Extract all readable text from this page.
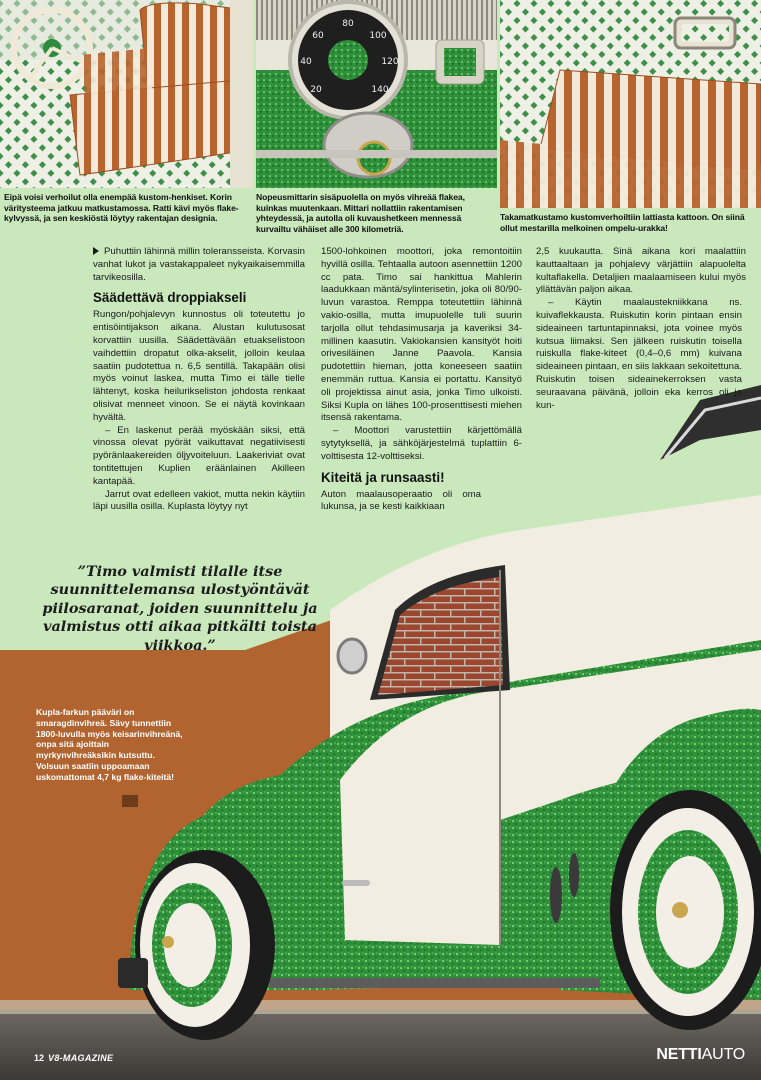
20
40
60
80
100
120
140
Eipä voisi verhoilut olla enempää kustom-henkiset. Korin väritysteema jatkuu matkustamossa. Ratti kävi myös flake-kylvyssä, ja sen keskiöstä löytyy rakentajan designia.
Nopeusmittarin sisäpuolella on myös vihreää flakea, kuinkas muutenkaan. Mittari nollattiin rakentamisen yhteydessä, ja autolla oli kuvaushetkeen mennessä kurvailtu vähäiset alle 300 kilometriä.
Takamatkustamo kustomverhoiltiin lattiasta kattoon. On siinä ollut mestarilla melkoinen ompelu-urakka!
”Timo valmisti tilalle itse suunnittelemansa ulostyöntävät piilosaranat, joiden suunnittelu ja valmistus otti aikaa pitkälti toista viikkoa.”
Kupla-farkun pääväri on smaragdinvihreä. Sävy tunnettiin 1800-luvulla myös keisarinvihreänä, onpa sitä ajoittain myrkynvihreäksikin kutsuttu. Volsuun saatiin uppoamaan uskomattomat 4,7 kg flake-kiteitä!

Puhuttiin lähinnä millin toleransseista. Korvasin vanhat lukot ja vastakappaleet nykyaikaisemmilla tarvikeosilla.

Säädettävä droppiakseli

Rungon/pohjalevyn kunnostus oli toteutettu jo entisöintijakson aikana. Alustan kulutusosat korvattiin uusilla. Säädettävään etuakselistoon vaihdettiin dropatut olka-akselit, jolloin keulaa saatiin pudotettua n. 6,5 sentillä. Takapään olisi myös voinut laskea, mutta Timo ei tälle tielle lähtenyt, koska heilurikseliston johdosta renkaat olisivat menneet vinoon. Se ei näytä kovinkaan hyvältä.

– En laskenut perää myöskään siksi, että vinossa olevat pyörät vaikuttavat negatiivisesti pyöränlaakereiden öljyvoiteluun. Laakeriviat ovat tontitettujen Kuplien eräänlainen Akilleen kantapää.

Jarrut ovat edelleen vakiot, mutta nekin käytiin läpi uusilla osilla. Kuplasta löytyy nyt

1500-lohkoinen moottori, joka remontoitiin hyvillä osilla. Tehtaalla autoon asennettiin 1200 cc pata. Timo sai hankittua Mahlerin laadukkaan mäntä/sylinterisetin, joka oli 80/90-luvun varastoa. Remppa toteutettiin lähinnä vakio-osilla, mutta imupuolelle tuli suurin tarjolla ollut tehdasimusarja ja kaveriksi 34-millinen kaasutin. Vakiokansien kansityöt hoiti orivesiläinen Janne Paavola. Kansia pudotettiin hieman, jotta koneeseen saatiin enemmän ruttua. Kansia ei portattu. Kansityö oli projektissa ainut asia, jonka Timo ulkoisti. Siksi Kupla on lähes 100-prosenttisesti miehen itsensä rakentama.

– Moottori varustettiin kärjettömällä sytytyksellä, ja sähköjärjestelmä tuplattiin 6-volttisesta 12-volttiseksi.

Kiteitä ja runsaasti!

Auton maalausoperaatio oli oma lukunsa, ja se kesti kaikkiaan

2,5 kuukautta. Sinä aikana kori maalattiin kauttaaltaan ja pohjalevy värjättiin alapuolelta kultaflakella. Detaljien maalaamiseen kului myös yllättävän paljon aikaa.

– Käytin maalaustekniikkana ns. kuivaflekkausta. Ruiskutin korin pintaan ensin sideaineen tartuntapinnaksi, jota voinee myös kutsua liimaksi. Sen jälkeen ruiskutin toisella ruiskulla flake-kiteet (0,4–0,6 mm) kuivana sideaineen pintaan, en siis lakkaan sekoitettuna. Ruiskutin toisen sideainekerroksen vasta seuraavana päivänä, jolloin eka kerros oli jo kun-

12 V8-MAGAZINE	NETTIAUTO
